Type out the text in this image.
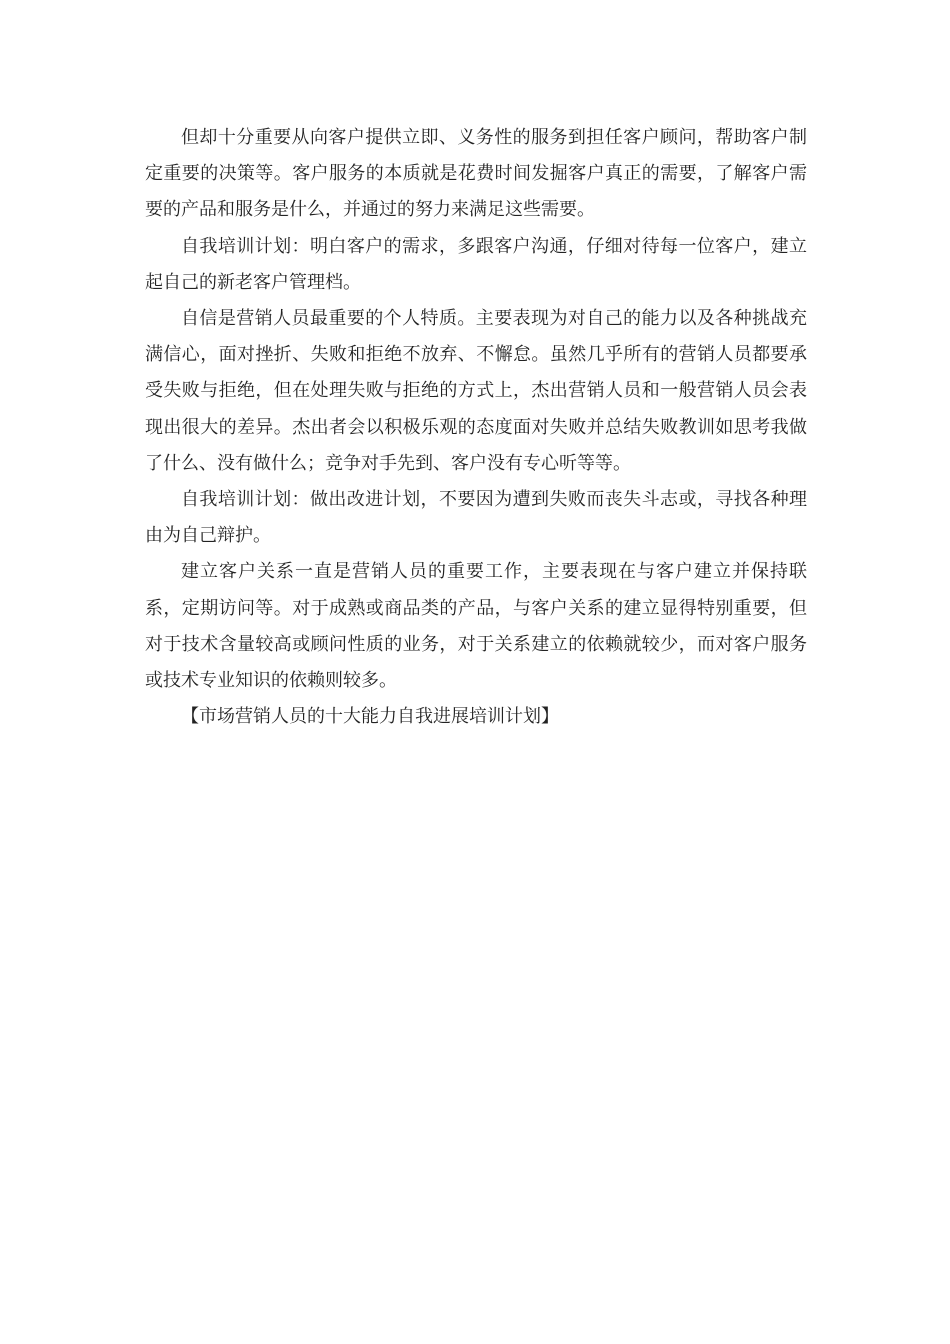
但却十分重要从向客户提供立即、义务性的服务到担任客户顾问，帮助客户制定重要的决策等。客户服务的本质就是花费时间发掘客户真正的需要，了解客户需要的产品和服务是什么，并通过的努力来满足这些需要。

自我培训计划：明白客户的需求，多跟客户沟通，仔细对待每一位客户，建立起自己的新老客户管理档。

自信是营销人员最重要的个人特质。主要表现为对自己的能力以及各种挑战充满信心，面对挫折、失败和拒绝不放弃、不懈怠。虽然几乎所有的营销人员都要承受失败与拒绝，但在处理失败与拒绝的方式上，杰出营销人员和一般营销人员会表现出很大的差异。杰出者会以积极乐观的态度面对失败并总结失败教训如思考我做了什么、没有做什么；竞争对手先到、客户没有专心听等等。

自我培训计划：做出改进计划，不要因为遭到失败而丧失斗志或，寻找各种理由为自己辩护。

建立客户关系一直是营销人员的重要工作，主要表现在与客户建立并保持联系，定期访问等。对于成熟或商品类的产品，与客户关系的建立显得特别重要，但对于技术含量较高或顾问性质的业务，对于关系建立的依赖就较少，而对客户服务或技术专业知识的依赖则较多。

【市场营销人员的十大能力自我进展培训计划】
